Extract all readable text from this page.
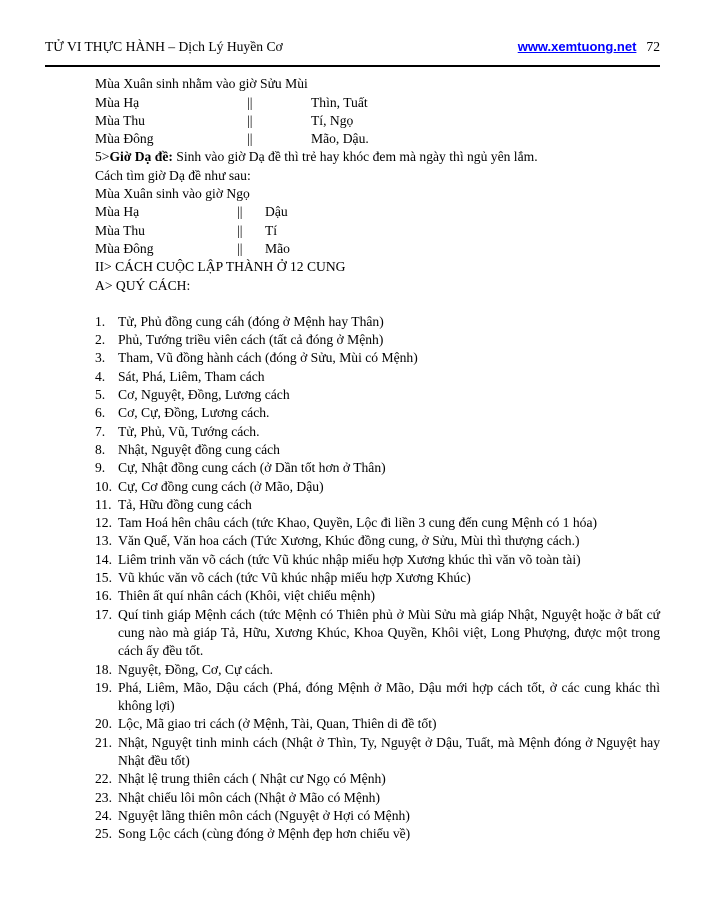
TỬ VI THỰC HÀNH – Dịch Lý Huyền Cơ	www.xemtuong.net 72
Mùa Xuân sinh nhằm vào giờ Sửu Mùi
Mùa Hạ	||	Thìn, Tuất
Mùa Thu	||	Tí, Ngọ
Mùa Đông	||	Mão, Dậu.
5>Giờ Dạ đề: Sinh vào giờ Dạ đề thì trẻ hay khóc đem mà ngày thì ngủ yên lắm.
Cách tìm giờ Dạ đề như sau:
Mùa Xuân sinh vào giờ Ngọ
Mùa Hạ	||	Dậu
Mùa Thu	||	Tí
Mùa Đông	||	Mão
II> CÁCH CUỘC LẬP THÀNH Ở 12 CUNG
A> QUÝ CÁCH:
1. Tử, Phủ đồng cung cáh (đóng ở Mệnh hay Thân)
2. Phủ, Tướng triều viên cách (tất cả đóng ở Mệnh)
3. Tham, Vũ đồng hành cách (đóng ở Sửu, Mùi có Mệnh)
4. Sát, Phá, Liêm, Tham cách
5. Cơ, Nguyệt, Đồng, Lương cách
6. Cơ, Cự, Đồng, Lương cách.
7. Tử, Phủ, Vũ, Tướng cách.
8. Nhật, Nguyệt đồng cung cách
9. Cự, Nhật đồng cung cách (ở Dần tốt hơn ở Thân)
10. Cự, Cơ đồng cung cách (ở Mão, Dậu)
11. Tả, Hữu đồng cung cách
12. Tam Hoá hên châu cách (tức Khao, Quyền, Lộc đi liền 3 cung đến cung Mệnh có 1 hóa)
13. Văn Quế, Văn hoa cách (Tức Xương, Khúc đồng cung, ở Sửu, Mùi thì thượng cách.)
14. Liêm trinh văn võ cách (tức Vũ khúc nhập miếu hợp Xương khúc thì văn võ toàn tài)
15. Vũ khúc văn võ cách (tức Vũ khúc nhập miếu hợp Xương Khúc)
16. Thiên ất quí nhân cách (Khôi, việt chiếu mệnh)
17. Quí tinh giáp Mệnh cách (tức Mệnh có Thiên phủ ở Mùi Sửu mà giáp Nhật, Nguyệt hoặc ở bất cứ cung nào mà giáp Tả, Hữu, Xương Khúc, Khoa Quyền, Khôi việt, Long Phượng, được một trong cách ấy đều tốt.
18. Nguyệt, Đồng, Cơ, Cự cách.
19. Phá, Liêm, Mão, Dậu cách (Phá, đóng Mệnh ở Mão, Dậu mới hợp cách tốt, ở các cung khác thì không lợi)
20. Lộc, Mã giao tri cách (ở Mệnh, Tài, Quan, Thiên di đề tốt)
21. Nhật, Nguyệt tinh minh cách (Nhật ở Thìn, Ty, Nguyệt ở Dậu, Tuất, mà Mệnh đóng ở Nguyệt hay Nhật đều tốt)
22. Nhật lệ trung thiên cách ( Nhật cư Ngọ có Mệnh)
23. Nhật chiếu lôi môn cách (Nhật ở Mão có Mệnh)
24. Nguyệt lãng thiên môn cách (Nguyệt ở Hợi có Mệnh)
25. Song Lộc cách (cùng đóng ở Mệnh đẹp hơn chiếu về)
